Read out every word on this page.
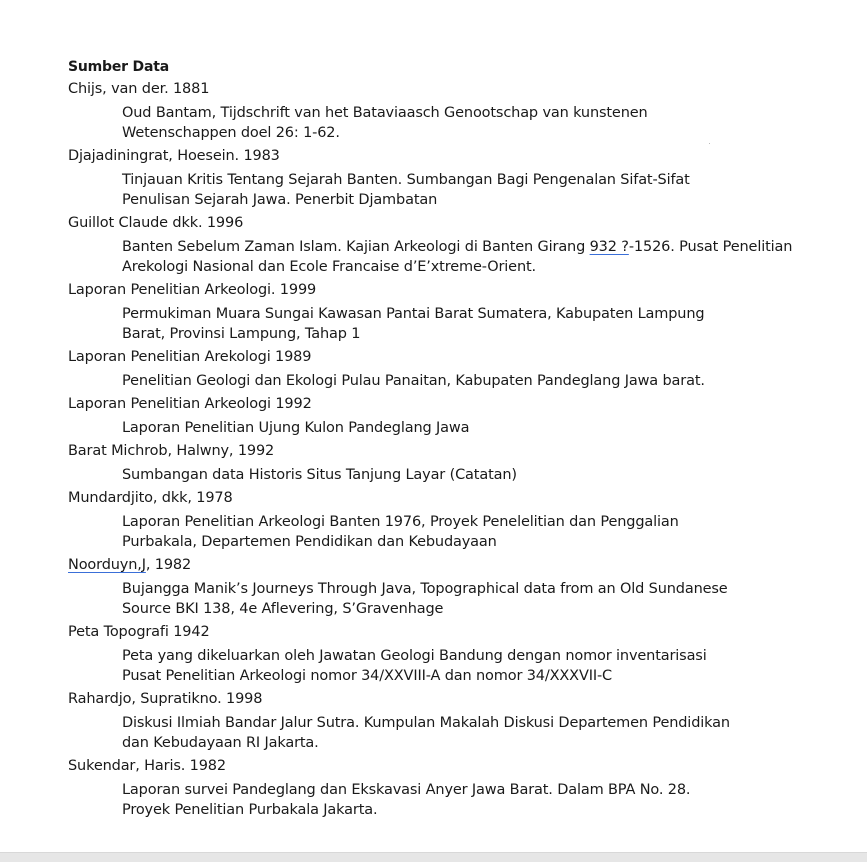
Sumber Data

Chijs, van der. 1881

Oud Bantam, Tijdschrift van het Bataviaasch Genootschap van kunstenen
Wetenschappen doel 26: 1-62.

Djajadiningrat, Hoesein. 1983

Tinjauan Kritis Tentang Sejarah Banten. Sumbangan Bagi Pengenalan Sifat-Sifat
Penulisan Sejarah Jawa. Penerbit Djambatan

Guillot Claude dkk. 1996

Banten Sebelum Zaman Islam. Kajian Arkeologi di Banten Girang 932 ?-1526. Pusat Penelitian
Arekologi Nasional dan Ecole Francaise d’E’xtreme-Orient.

Laporan Penelitian Arkeologi. 1999

Permukiman Muara Sungai Kawasan Pantai Barat Sumatera, Kabupaten Lampung
Barat, Provinsi Lampung, Tahap 1

Laporan Penelitian Arekologi 1989

Penelitian Geologi dan Ekologi Pulau Panaitan, Kabupaten Pandeglang Jawa barat.

Laporan Penelitian Arkeologi 1992

Laporan Penelitian Ujung Kulon Pandeglang Jawa

Barat Michrob, Halwny, 1992

Sumbangan data Historis Situs Tanjung Layar (Catatan)

Mundardjito, dkk, 1978

Laporan Penelitian Arkeologi Banten 1976, Proyek Penelelitian dan Penggalian
Purbakala, Departemen Pendidikan dan Kebudayaan

Noorduyn,J, 1982

Bujangga Manik’s Journeys Through Java, Topographical data from an Old Sundanese
Source BKI 138, 4e Aflevering, S’Gravenhage

Peta Topografi 1942

Peta yang dikeluarkan oleh Jawatan Geologi Bandung dengan nomor inventarisasi
Pusat Penelitian Arkeologi nomor 34/XXVIII-A dan nomor 34/XXXVII-C

Rahardjo, Supratikno. 1998

Diskusi Ilmiah Bandar Jalur Sutra. Kumpulan Makalah Diskusi Departemen Pendidikan
dan Kebudayaan RI Jakarta.

Sukendar, Haris. 1982

Laporan survei Pandeglang dan Ekskavasi Anyer Jawa Barat. Dalam BPA No. 28.
Proyek Penelitian Purbakala Jakarta.
